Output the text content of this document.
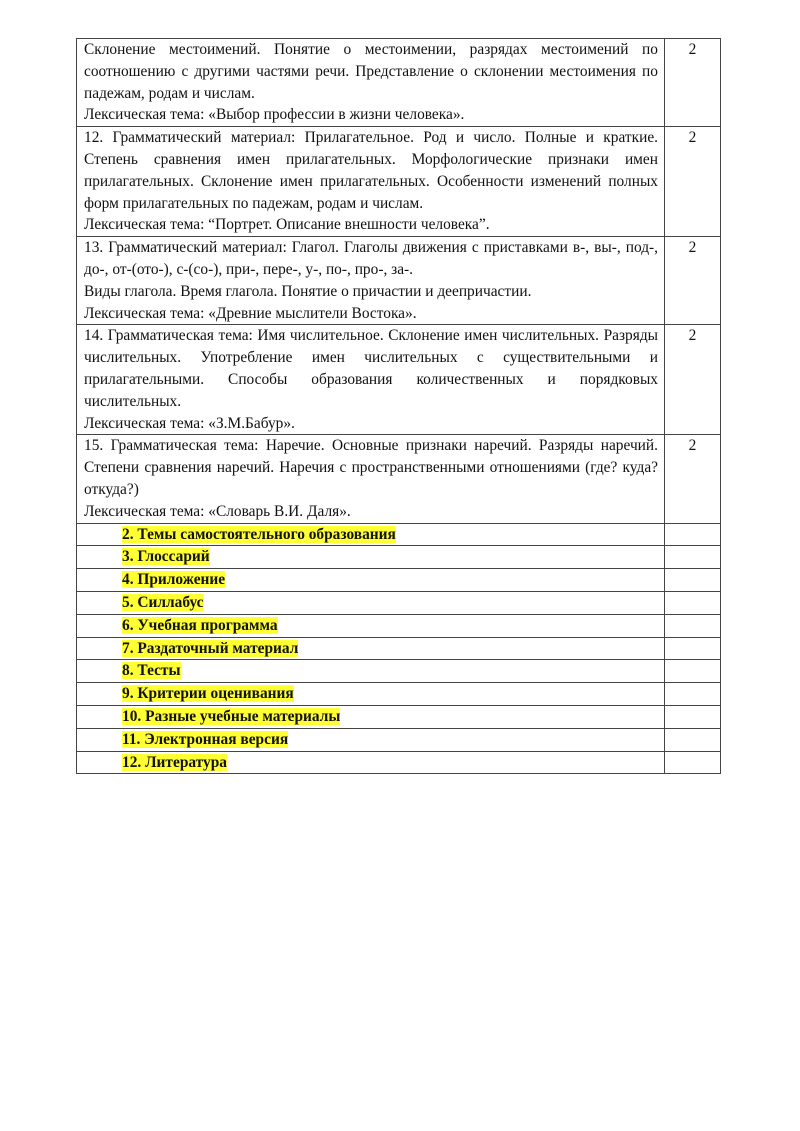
Склонение местоимений. Понятие о местоимении, разрядах местоимений по соотношению с другими частями речи. Представление о склонении местоимения по падежам, родам и числам.
Лексическая тема: «Выбор профессии в жизни человека».	2

12. Грамматический материал: Прилагательное. Род и число. Полные и краткие. Степень сравнения имен прилагательных. Морфологические признаки имен прилагательных. Склонение имен прилагательных. Особенности изменений полных форм прилагательных по падежам, родам и числам.
Лексическая тема: “Портрет. Описание внешности человека”.	2

13. Грамматический материал: Глагол. Глаголы движения с приставками в-, вы-, под-, до-, от-(ото-), с-(со-), при-, пере-, у-, по-, про-, за-.
Виды глагола. Время глагола. Понятие о причастии и деепричастии.
Лексическая тема: «Древние мыслители Востока».	2

14. Грамматическая тема: Имя числительное. Склонение имен числительных. Разряды числительных. Употребление имен числительных с существительными и прилагательными. Способы образования количественных и порядковых числительных.
Лексическая тема: «З.М.Бабур».	2

15. Грамматическая тема: Наречие. Основные признаки наречий. Разряды наречий. Степени сравнения наречий. Наречия с пространственными отношениями (где? куда? откуда?)
Лексическая тема: «Словарь В.И. Даля».	2

2. Темы самостоятельного образования	

3. Глоссарий	

4. Приложение	

5. Силлабус	

6. Учебная программа	

7. Раздаточный материал	

8. Тесты	

9. Критерии оценивания	

10. Разные учебные материалы	

11. Электронная версия	

12. Литература	
